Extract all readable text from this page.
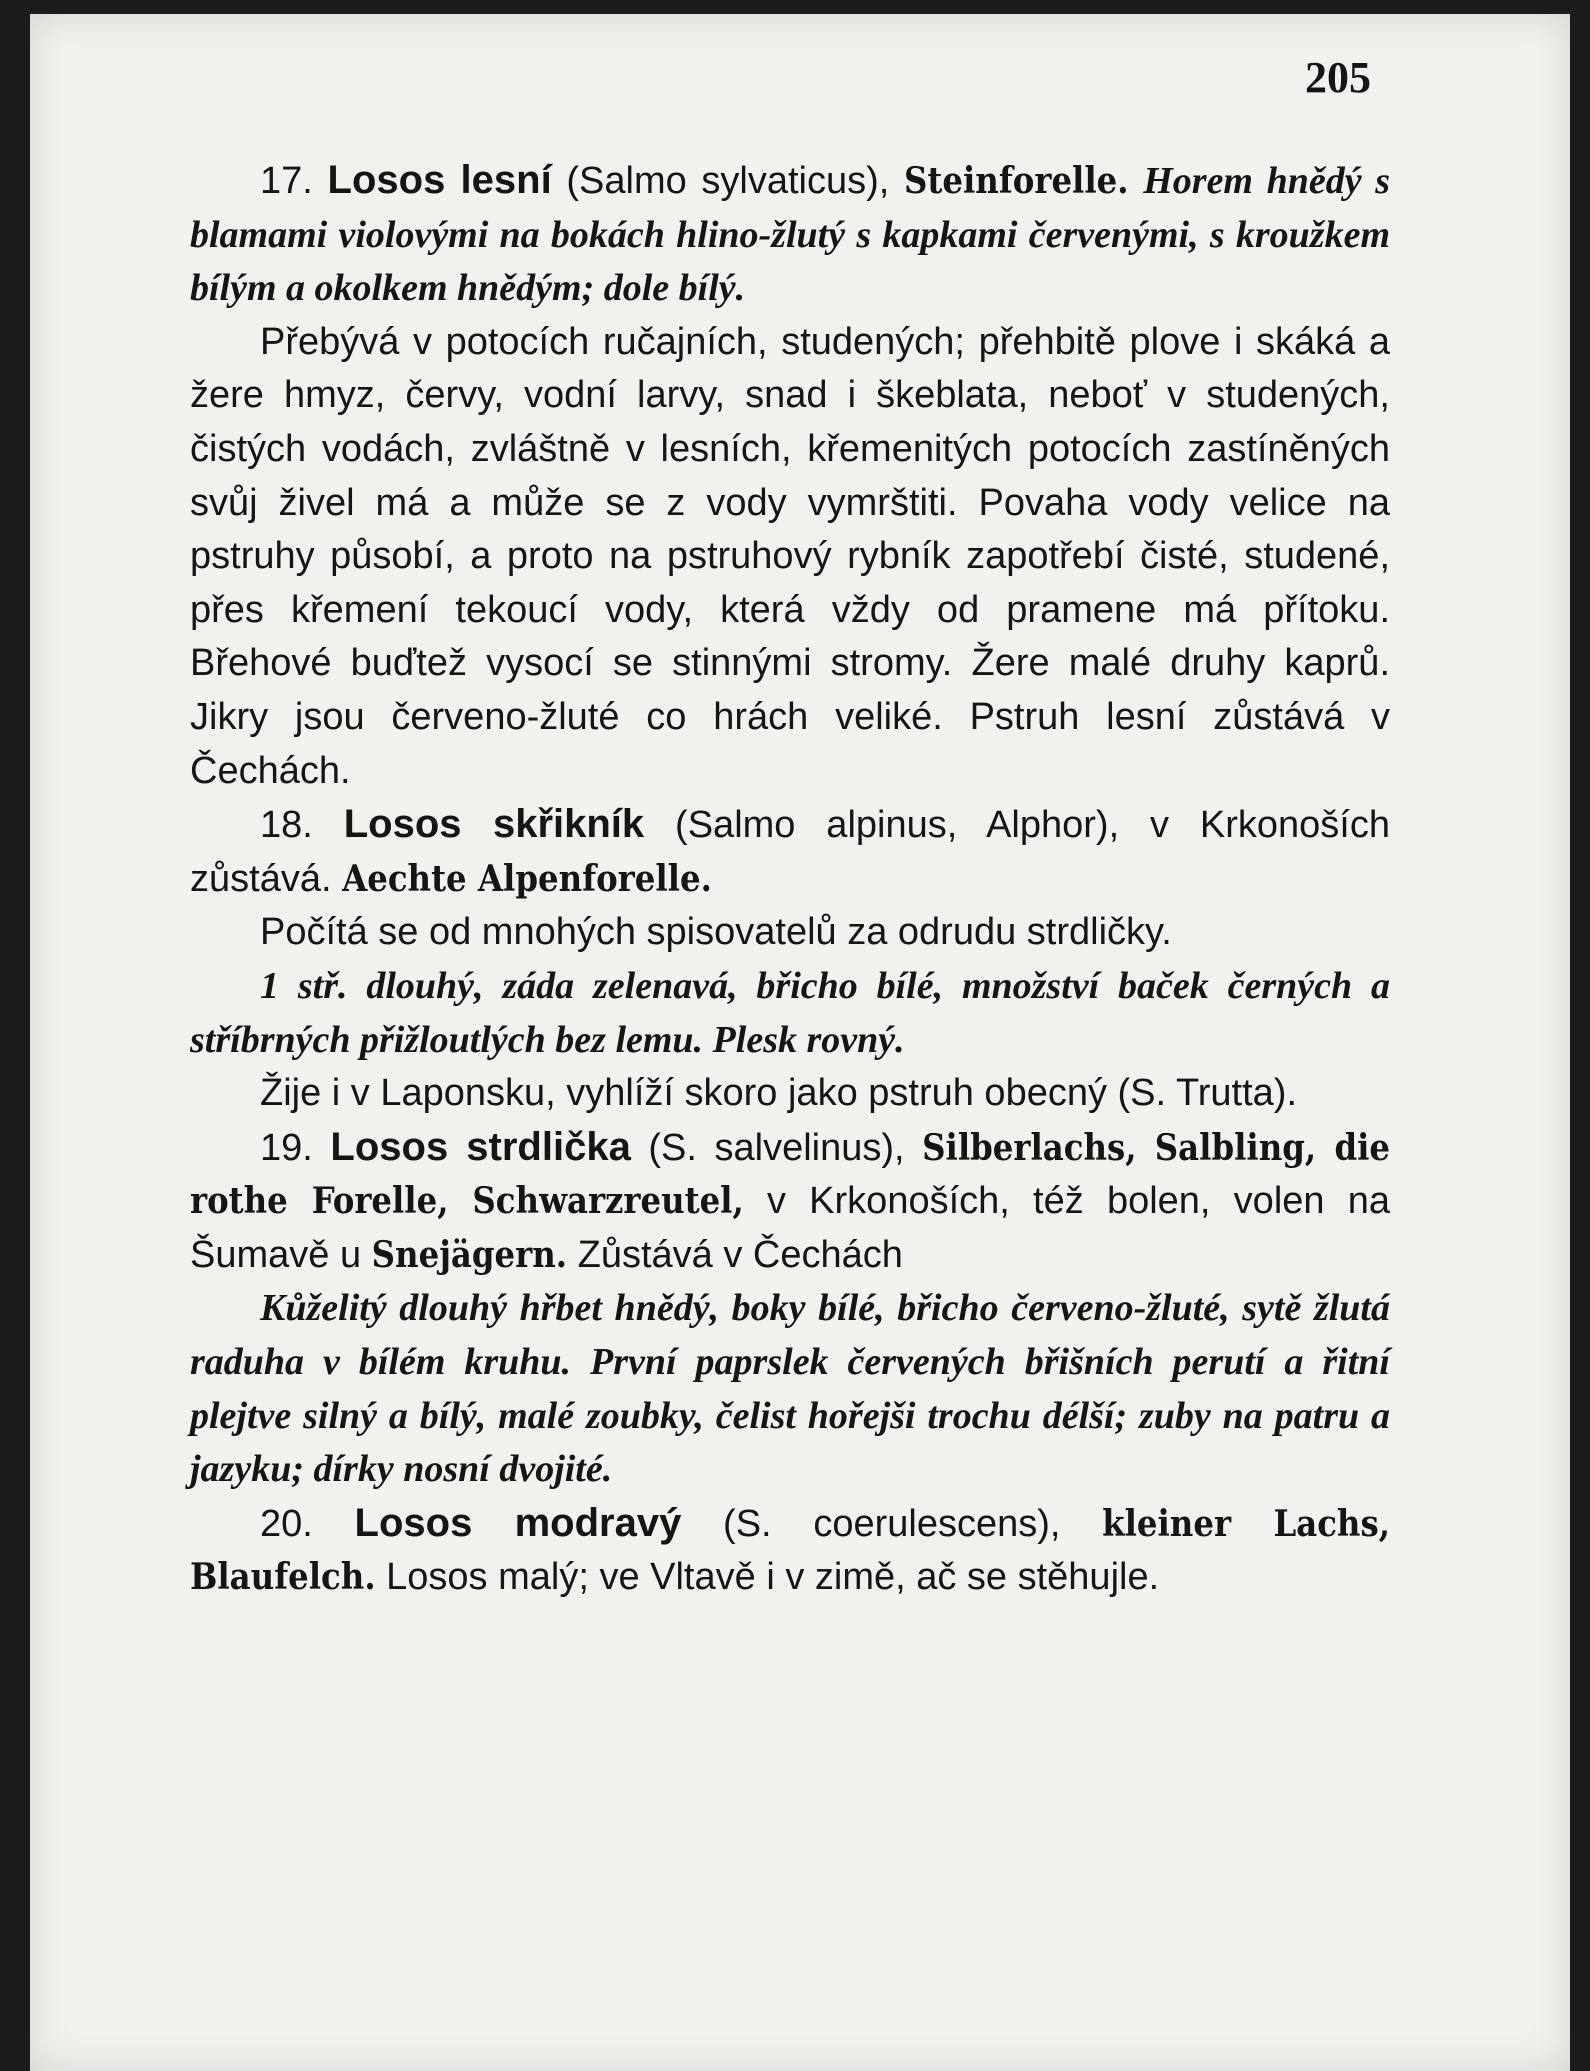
205

17. Losos lesní (Salmo sylvaticus), Steinforelle. Horem hnědý s blamami violovými na bokách hlino-žlutý s kapkami červenými, s kroužkem bílým a okolkem hnědým; dole bílý.

Přebývá v potocích ručajních, studených; přehbitě plove i skáká a žere hmyz, červy, vodní larvy, snad i škeblata, neboť v studených, čistých vodách, zvláštně v lesních, křemenitých potocích zastíněných svůj živel má a může se z vody vymrštiti. Povaha vody velice na pstruhy působí, a proto na pstruhový rybník zapotřebí čisté, studené, přes křemení tekoucí vody, která vždy od pramene má přítoku. Břehové buďtež vysocí se stinnými stromy. Žere malé druhy kaprů. Jikry jsou červeno-žluté co hrách veliké. Pstruh lesní zůstává v Čechách.

18. Losos skřikník (Salmo alpinus, Alphor), v Krkonoších zůstává. Aechte Alpenforelle.

Počítá se od mnohých spisovatelů za odrudu strdličky.

1 stř. dlouhý, záda zelenavá, břicho bílé, množství baček černých a stříbrných přižloutlých bez lemu. Plesk rovný.

Žije i v Laponsku, vyhlíží skoro jako pstruh obecný (S. Trutta).

19. Losos strdlička (S. salvelinus), Silberlachs, Salbling, die rothe Forelle, Schwarzreutel, v Krkonoších, též bolen, volen na Šumavě u Snejägern. Zůstává v Čechách

Kůželitý dlouhý hřbet hnědý, boky bílé, břicho červeno-žluté, sytě žlutá raduha v bílém kruhu. První paprslek červených břišních perutí a řitní plejtve silný a bílý, malé zoubky, čelist hořejši trochu délší; zuby na patru a jazyku; dírky nosní dvojité.

20. Losos modravý (S. coerulescens), kleiner Lachs, Blaufelch. Losos malý; ve Vltavě i v zimě, ač se stěhujle.
